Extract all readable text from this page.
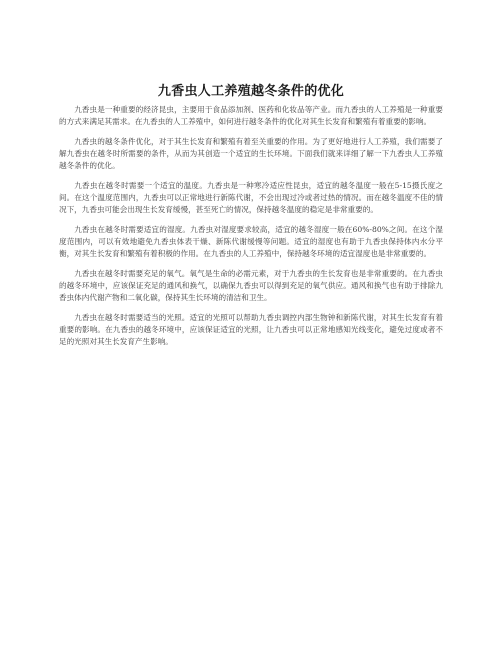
九香虫人工养殖越冬条件的优化

九香虫是一种重要的经济昆虫，主要用于食品添加剂、医药和化妆品等产业。而九香虫的人工养殖是一种重要的方式来满足其需求。在九香虫的人工养殖中，如何进行越冬条件的优化对其生长发育和繁殖有着重要的影响。

九香虫的越冬条件优化，对于其生长发育和繁殖有着至关重要的作用。为了更好地进行人工养殖，我们需要了解九香虫在越冬时所需要的条件，从而为其创造一个适宜的生长环境。下面我们就来详细了解一下九香虫人工养殖越冬条件的优化。

九香虫在越冬时需要一个适宜的温度。九香虫是一种寒冷适应性昆虫，适宜的越冬温度一般在5-15摄氏度之间。在这个温度范围内，九香虫可以正常地进行新陈代谢，不会出现过冷或者过热的情况。而在越冬温度不佳的情况下，九香虫可能会出现生长发育缓慢，甚至死亡的情况，保持越冬温度的稳定是非常重要的。

九香虫在越冬时需要适宜的湿度。九香虫对湿度要求较高，适宜的越冬湿度一般在60%-80%之间。在这个湿度范围内，可以有效地避免九香虫体表干燥、新陈代谢缓慢等问题。适宜的湿度也有助于九香虫保持体内水分平衡，对其生长发育和繁殖有着积极的作用。在九香虫的人工养殖中，保持越冬环境的适宜湿度也是非常重要的。

九香虫在越冬时需要充足的氧气。氧气是生命的必需元素，对于九香虫的生长发育也是非常重要的。在九香虫的越冬环境中，应该保证充足的通风和换气，以确保九香虫可以得到充足的氧气供应。通风和换气也有助于排除九香虫体内代谢产物和二氧化碳，保持其生长环境的清洁和卫生。

九香虫在越冬时需要适当的光照。适宜的光照可以帮助九香虫调控内部生物钟和新陈代谢，对其生长发育有着重要的影响。在九香虫的越冬环境中，应该保证适宜的光照，让九香虫可以正常地感知光线变化，避免过度或者不足的光照对其生长发育产生影响。
